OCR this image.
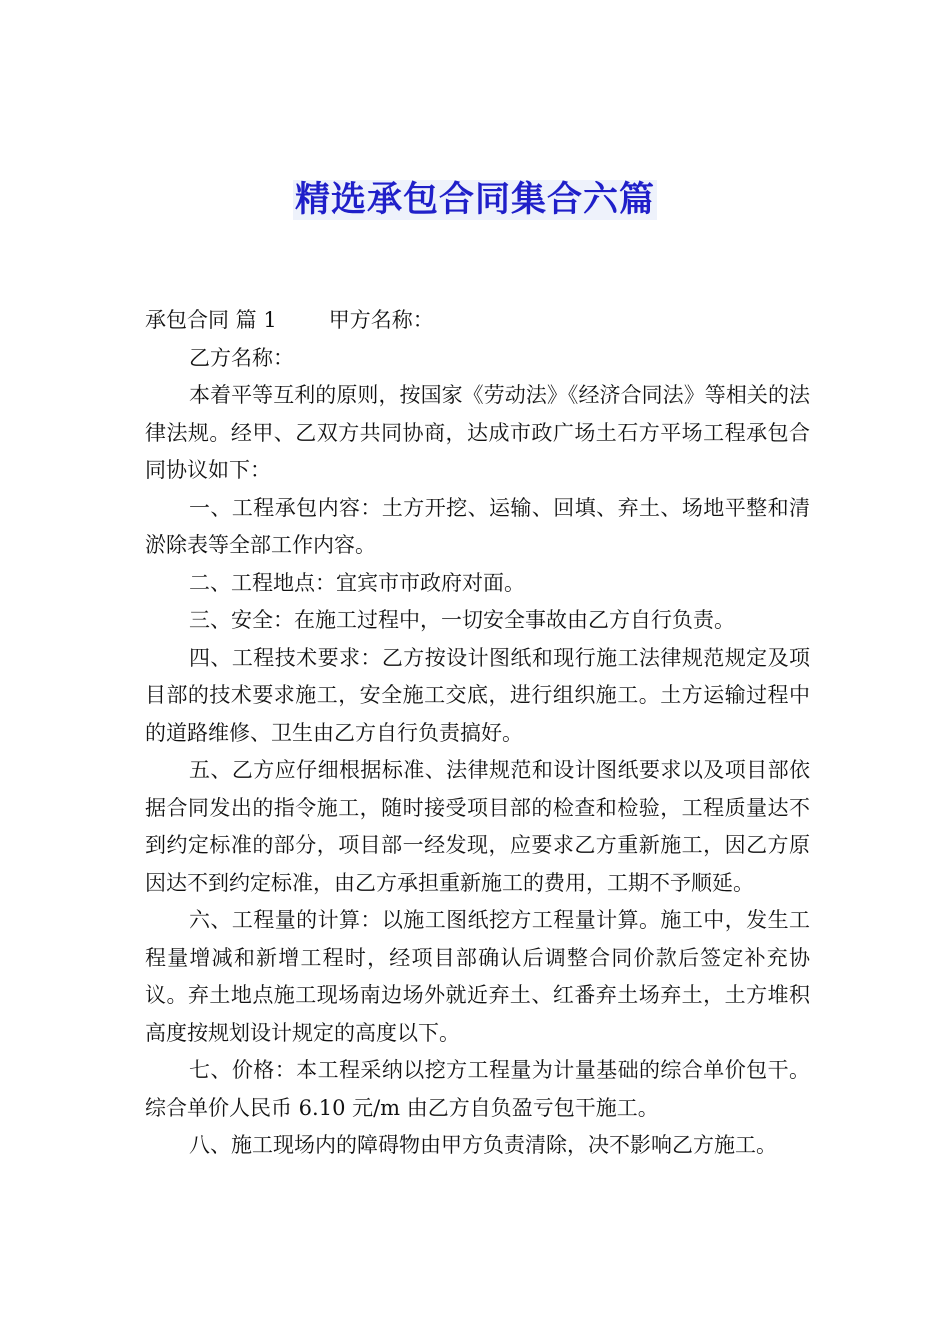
精选承包合同集合六篇

承包合同 篇 1 甲方名称：

乙方名称：

本着平等互利的原则，按国家《劳动法》《经济合同法》等相关的法律法规。经甲、乙双方共同协商，达成市政广场土石方平场工程承包合同协议如下：

一、工程承包内容：土方开挖、运输、回填、弃土、场地平整和清淤除表等全部工作内容。

二、工程地点：宜宾市市政府对面。

三、安全：在施工过程中，一切安全事故由乙方自行负责。

四、工程技术要求：乙方按设计图纸和现行施工法律规范规定及项目部的技术要求施工，安全施工交底，进行组织施工。土方运输过程中的道路维修、卫生由乙方自行负责搞好。

五、乙方应仔细根据标准、法律规范和设计图纸要求以及项目部依据合同发出的指令施工，随时接受项目部的检查和检验，工程质量达不到约定标准的部分，项目部一经发现，应要求乙方重新施工，因乙方原因达不到约定标准，由乙方承担重新施工的费用，工期不予顺延。

六、工程量的计算：以施工图纸挖方工程量计算。施工中，发生工程量增减和新增工程时，经项目部确认后调整合同价款后签定补充协议。弃土地点施工现场南边场外就近弃土、红番弃土场弃土，土方堆积高度按规划设计规定的高度以下。

七、价格：本工程采纳以挖方工程量为计量基础的综合单价包干。综合单价人民币 6.10 元/m 由乙方自负盈亏包干施工。

八、施工现场内的障碍物由甲方负责清除，决不影响乙方施工。
